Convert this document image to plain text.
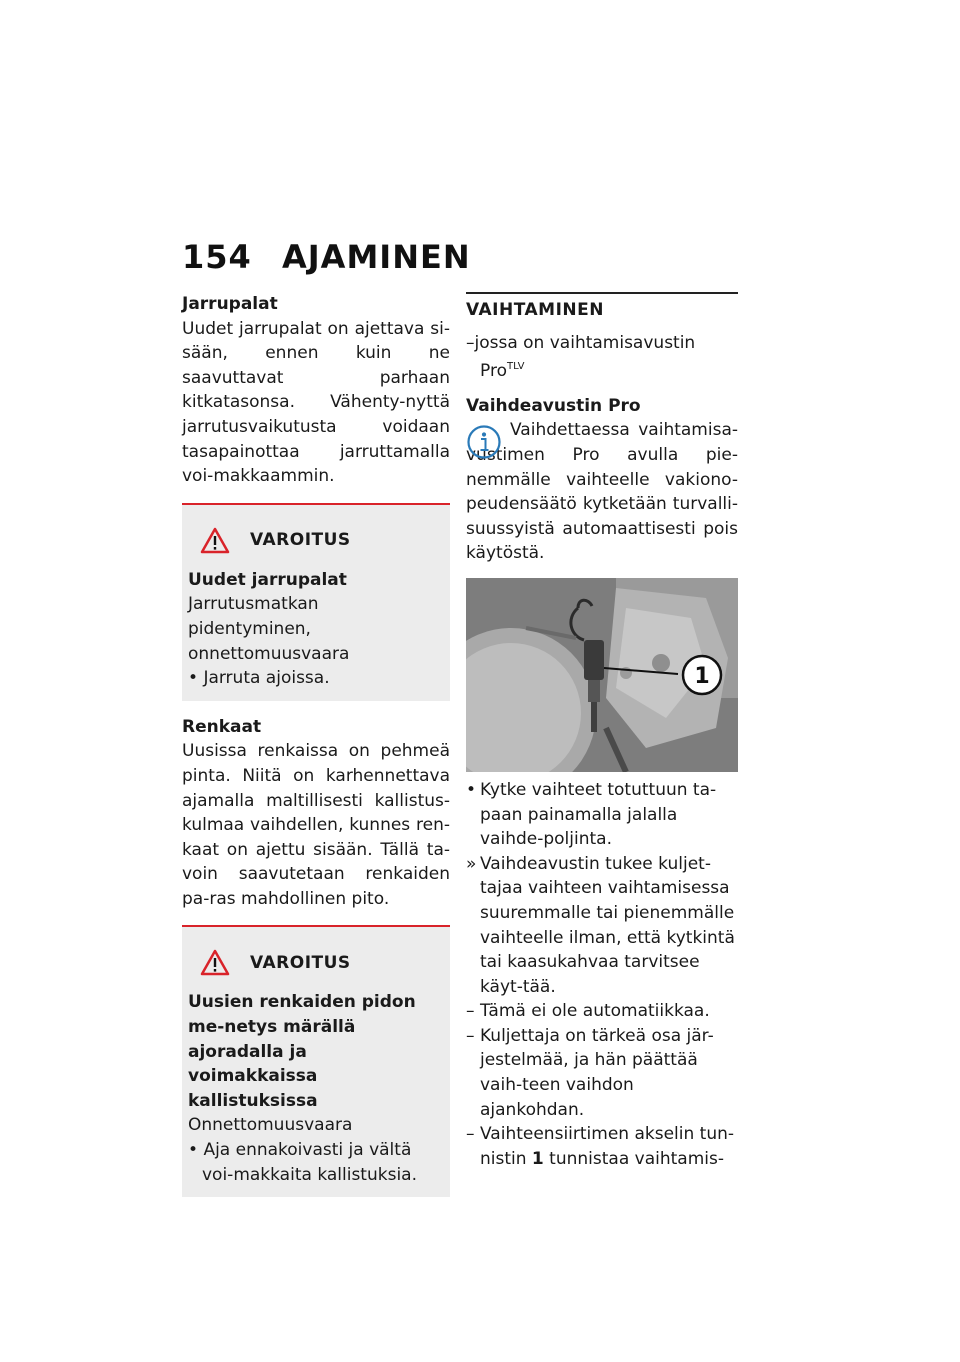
154 AJAMINEN

Jarrupalat

Uudet jarrupalat on ajettava si-sään, ennen kuin ne saavuttavat parhaan kitkatasonsa. Vähenty-nyttä jarrutusvaikutusta voidaan tasapainottaa jarruttamalla voi-makkaammin.

VAROITUS

Uudet jarrupalat

Jarrutusmatkan pidentyminen, onnettomuusvaara

• Jarruta ajoissa.

Renkaat

Uusissa renkaissa on pehmeä pinta. Niitä on karhennettava ajamalla maltillisesti kallistus-kulmaa vaihdellen, kunnes ren-kaat on ajettu sisään. Tällä ta-voin saavutetaan renkaiden pa-ras mahdollinen pito.

VAROITUS

Uusien renkaiden pidon me-netys märällä ajoradalla ja voimakkaissa kallistuksissa

Onnettomuusvaara

• Aja ennakoivasti ja vältä voi-makkaita kallistuksia.

VAIHTAMINEN

–jossa on vaihtamisavustin Pro$^{TLV}$

Vaihdeavustin Pro

Vaihdettaessa vaihtamisa-vustimen Pro avulla pie-nemmälle vaihteelle vakiono-peudensäätö kytketään turvalli-suussyistä automaattisesti pois käytöstä.

1

• Kytke vaihteet totuttuun ta-paan painamalla jalalla vaihde-poljinta.

» Vaihdeavustin tukee kuljet-tajaa vaihteen vaihtamisessa suuremmalle tai pienemmälle vaihteelle ilman, että kytkintä tai kaasukahvaa tarvitsee käyt-tää.

– Tämä ei ole automatiikkaa.

– Kuljettaja on tärkeä osa jär-jestelmää, ja hän päättää vaih-teen vaihdon ajankohdan.

– Vaihteensiirtimen akselin tun-nistin 1 tunnistaa vaihtamis-
